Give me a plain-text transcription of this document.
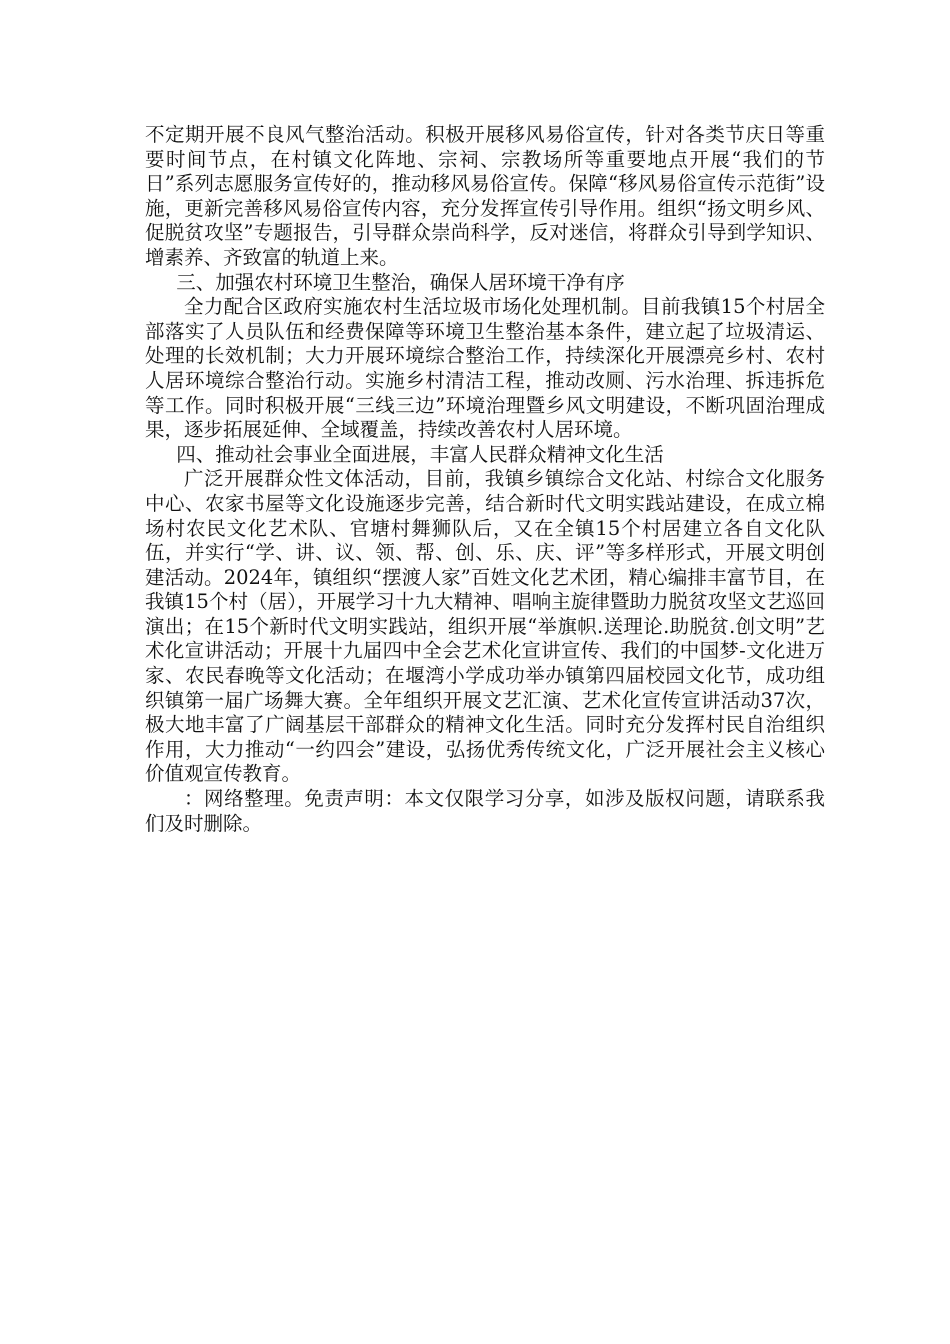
不定期开展不良风气整治活动。积极开展移风易俗宣传，针对各类节庆日等重要时间节点，在村镇文化阵地、宗祠、宗教场所等重要地点开展“我们的节日”系列志愿服务宣传好的，推动移风易俗宣传。保障“移风易俗宣传示范街”设施，更新完善移风易俗宣传内容，充分发挥宣传引导作用。组织“扬文明乡风、促脱贫攻坚”专题报告，引导群众崇尚科学，反对迷信，将群众引导到学知识、增素养、齐致富的轨道上来。

三、加强农村环境卫生整治，确保人居环境干净有序

全力配合区政府实施农村生活垃圾市场化处理机制。目前我镇15个村居全部落实了人员队伍和经费保障等环境卫生整治基本条件，建立起了垃圾清运、处理的长效机制；大力开展环境综合整治工作，持续深化开展漂亮乡村、农村人居环境综合整治行动。实施乡村清洁工程，推动改厕、污水治理、拆违拆危等工作。同时积极开展“三线三边”环境治理暨乡风文明建设，不断巩固治理成果，逐步拓展延伸、全域覆盖，持续改善农村人居环境。

四、推动社会事业全面进展，丰富人民群众精神文化生活

广泛开展群众性文体活动，目前，我镇乡镇综合文化站、村综合文化服务中心、农家书屋等文化设施逐步完善，结合新时代文明实践站建设，在成立棉场村农民文化艺术队、官塘村舞狮队后，又在全镇15个村居建立各自文化队伍，并实行“学、讲、议、领、帮、创、乐、庆、评”等多样形式，开展文明创建活动。2024年，镇组织“摆渡人家”百姓文化艺术团，精心编排丰富节目，在我镇15个村（居），开展学习十九大精神、唱响主旋律暨助力脱贫攻坚文艺巡回演出；在15个新时代文明实践站，组织开展“举旗帜.送理论.助脱贫.创文明”艺术化宣讲活动；开展十九届四中全会艺术化宣讲宣传、我们的中国梦-文化进万家、农民春晚等文化活动；在堰湾小学成功举办镇第四届校园文化节，成功组织镇第一届广场舞大赛。全年组织开展文艺汇演、艺术化宣传宣讲活动37次，极大地丰富了广阔基层干部群众的精神文化生活。同时充分发挥村民自治组织作用，大力推动“一约四会”建设，弘扬优秀传统文化，广泛开展社会主义核心价值观宣传教育。

：网络整理。免责声明：本文仅限学习分享，如涉及版权问题，请联系我们及时删除。
